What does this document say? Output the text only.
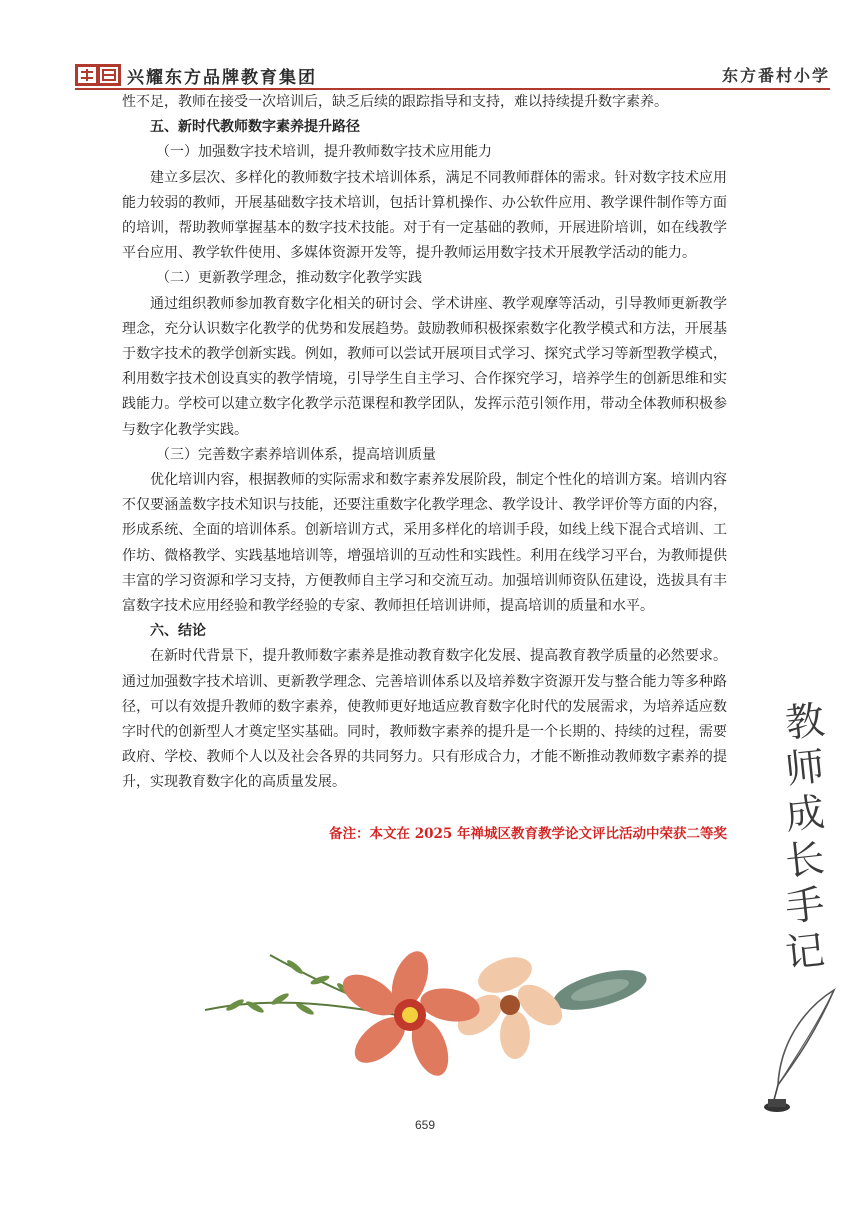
兴耀东方品牌教育集团	东方番村小学

性不足，教师在接受一次培训后，缺乏后续的跟踪指导和支持，难以持续提升数字素养。

五、新时代教师数字素养提升路径

（一）加强数字技术培训，提升教师数字技术应用能力

建立多层次、多样化的教师数字技术培训体系，满足不同教师群体的需求。针对数字技术应用能力较弱的教师，开展基础数字技术培训，包括计算机操作、办公软件应用、教学课件制作等方面的培训，帮助教师掌握基本的数字技术技能。对于有一定基础的教师，开展进阶培训，如在线教学平台应用、教学软件使用、多媒体资源开发等，提升教师运用数字技术开展教学活动的能力。

（二）更新教学理念，推动数字化教学实践

通过组织教师参加教育数字化相关的研讨会、学术讲座、教学观摩等活动，引导教师更新教学理念，充分认识数字化教学的优势和发展趋势。鼓励教师积极探索数字化教学模式和方法，开展基于数字技术的教学创新实践。例如，教师可以尝试开展项目式学习、探究式学习等新型教学模式，利用数字技术创设真实的教学情境，引导学生自主学习、合作探究学习，培养学生的创新思维和实践能力。学校可以建立数字化教学示范课程和教学团队，发挥示范引领作用，带动全体教师积极参与数字化教学实践。

（三）完善数字素养培训体系，提高培训质量

优化培训内容，根据教师的实际需求和数字素养发展阶段，制定个性化的培训方案。培训内容不仅要涵盖数字技术知识与技能，还要注重数字化教学理念、教学设计、教学评价等方面的内容，形成系统、全面的培训体系。创新培训方式，采用多样化的培训手段，如线上线下混合式培训、工作坊、微格教学、实践基地培训等，增强培训的互动性和实践性。利用在线学习平台，为教师提供丰富的学习资源和学习支持，方便教师自主学习和交流互动。加强培训师资队伍建设，选拔具有丰富数字技术应用经验和教学经验的专家、教师担任培训讲师，提高培训的质量和水平。

六、结论

在新时代背景下，提升教师数字素养是推动教育数字化发展、提高教育教学质量的必然要求。通过加强数字技术培训、更新教学理念、完善培训体系以及培养数字资源开发与整合能力等多种路径，可以有效提升教师的数字素养，使教师更好地适应教育数字化时代的发展需求，为培养适应数字时代的创新型人才奠定坚实基础。同时，教师数字素养的提升是一个长期的、持续的过程，需要政府、学校、教师个人以及社会各界的共同努力。只有形成合力，才能不断推动教师数字素养的提升，实现教育数字化的高质量发展。

备注：本文在 2025 年禅城区教育教学论文评比活动中荣获二等奖

教
师
成
长
手
记
659
